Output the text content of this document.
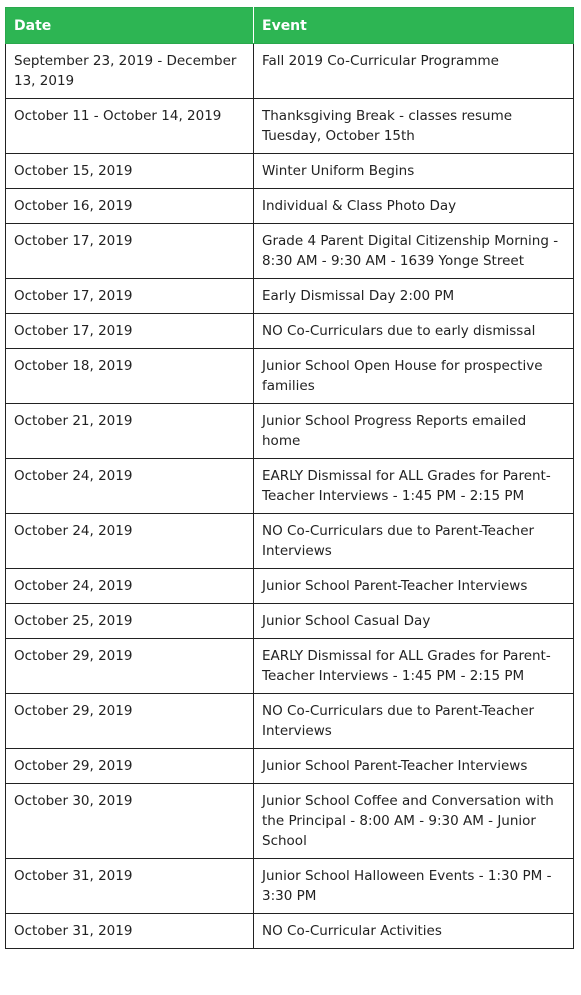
Date	Event
September 23, 2019 - December 13, 2019	Fall 2019 Co-Curricular Programme
October 11 - October 14, 2019	Thanksgiving Break - classes resume Tuesday, October 15th
October 15, 2019	Winter Uniform Begins
October 16, 2019	Individual & Class Photo Day
October 17, 2019	Grade 4 Parent Digital Citizenship Morning - 8:30 AM - 9:30 AM - 1639 Yonge Street
October 17, 2019	Early Dismissal Day 2:00 PM
October 17, 2019	NO Co-Curriculars due to early dismissal
October 18, 2019	Junior School Open House for prospective families
October 21, 2019	Junior School Progress Reports emailed home
October 24, 2019	EARLY Dismissal for ALL Grades for Parent-Teacher Interviews - 1:45 PM - 2:15 PM
October 24, 2019	NO Co-Curriculars due to Parent-Teacher Interviews
October 24, 2019	Junior School Parent-Teacher Interviews
October 25, 2019	Junior School Casual Day
October 29, 2019	EARLY Dismissal for ALL Grades for Parent-Teacher Interviews - 1:45 PM - 2:15 PM
October 29, 2019	NO Co-Curriculars due to Parent-Teacher Interviews
October 29, 2019	Junior School Parent-Teacher Interviews
October 30, 2019	Junior School Coffee and Conversation with the Principal - 8:00 AM - 9:30 AM - Junior School
October 31, 2019	Junior School Halloween Events - 1:30 PM - 3:30 PM
October 31, 2019	NO Co-Curricular Activities
